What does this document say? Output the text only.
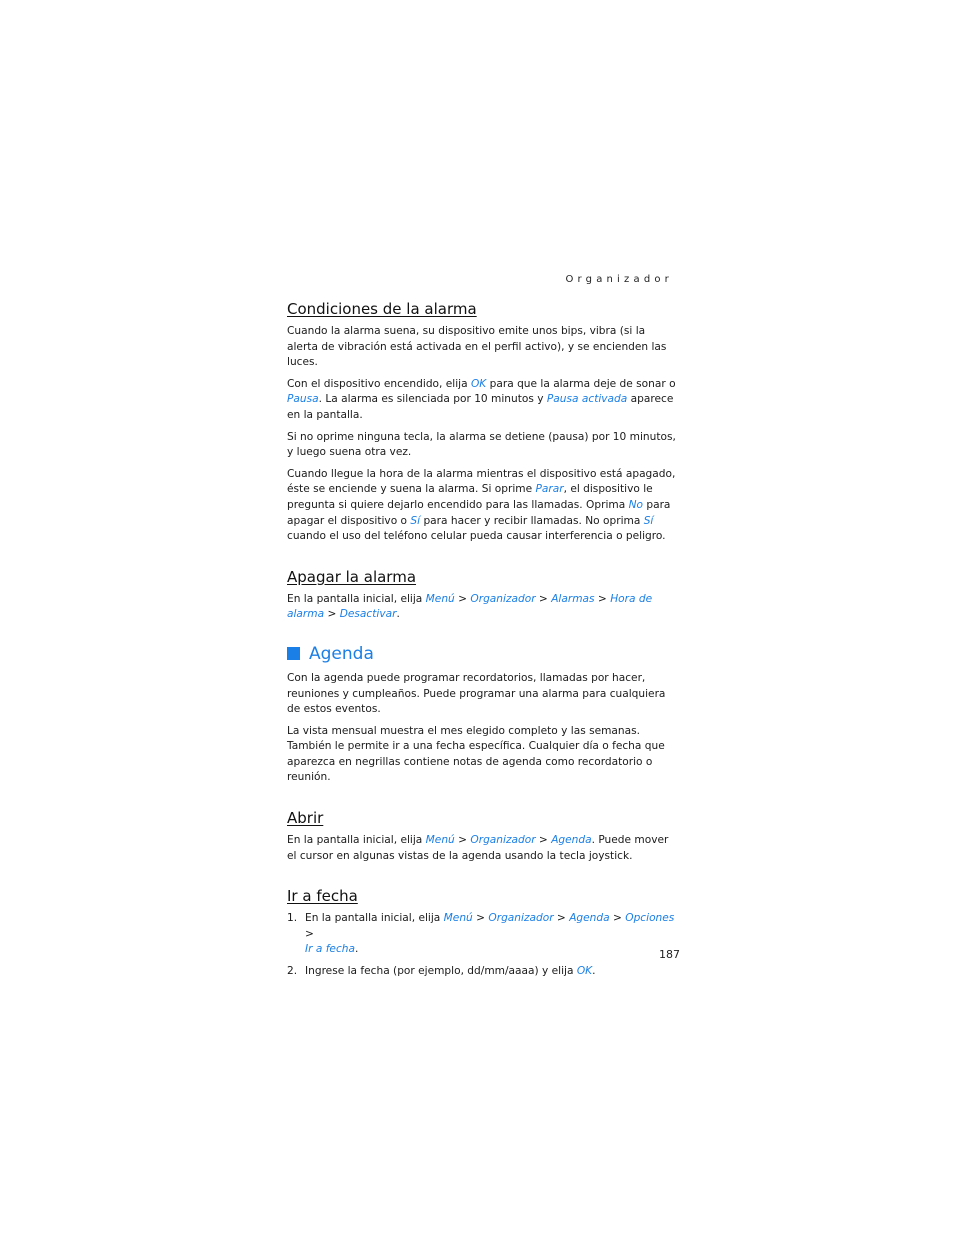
Organizador
Condiciones de la alarma

Cuando la alarma suena, su dispositivo emite unos bips, vibra (si la alerta de vibración está activada en el perfil activo), y se encienden las luces.

Con el dispositivo encendido, elija OK para que la alarma deje de sonar o Pausa. La alarma es silenciada por 10 minutos y Pausa activada aparece en la pantalla.

Si no oprime ninguna tecla, la alarma se detiene (pausa) por 10 minutos, y luego suena otra vez.

Cuando llegue la hora de la alarma mientras el dispositivo está apagado, éste se enciende y suena la alarma. Si oprime Parar, el dispositivo le pregunta si quiere dejarlo encendido para las llamadas. Oprima No para apagar el dispositivo o Sí para hacer y recibir llamadas. No oprima Sí cuando el uso del teléfono celular pueda causar interferencia o peligro.

Apagar la alarma

En la pantalla inicial, elija Menú > Organizador > Alarmas > Hora de alarma > Desactivar.

Agenda

Con la agenda puede programar recordatorios, llamadas por hacer, reuniones y cumpleaños. Puede programar una alarma para cualquiera de estos eventos.

La vista mensual muestra el mes elegido completo y las semanas. También le permite ir a una fecha específica. Cualquier día o fecha que aparezca en negrillas contiene notas de agenda como recordatorio o reunión.

Abrir

En la pantalla inicial, elija Menú > Organizador > Agenda. Puede mover el cursor en algunas vistas de la agenda usando la tecla joystick.

Ir a fecha
1. En la pantalla inicial, elija Menú > Organizador > Agenda > Opciones >
Ir a fecha.
2. Ingrese la fecha (por ejemplo, dd/mm/aaaa) y elija OK.
187
